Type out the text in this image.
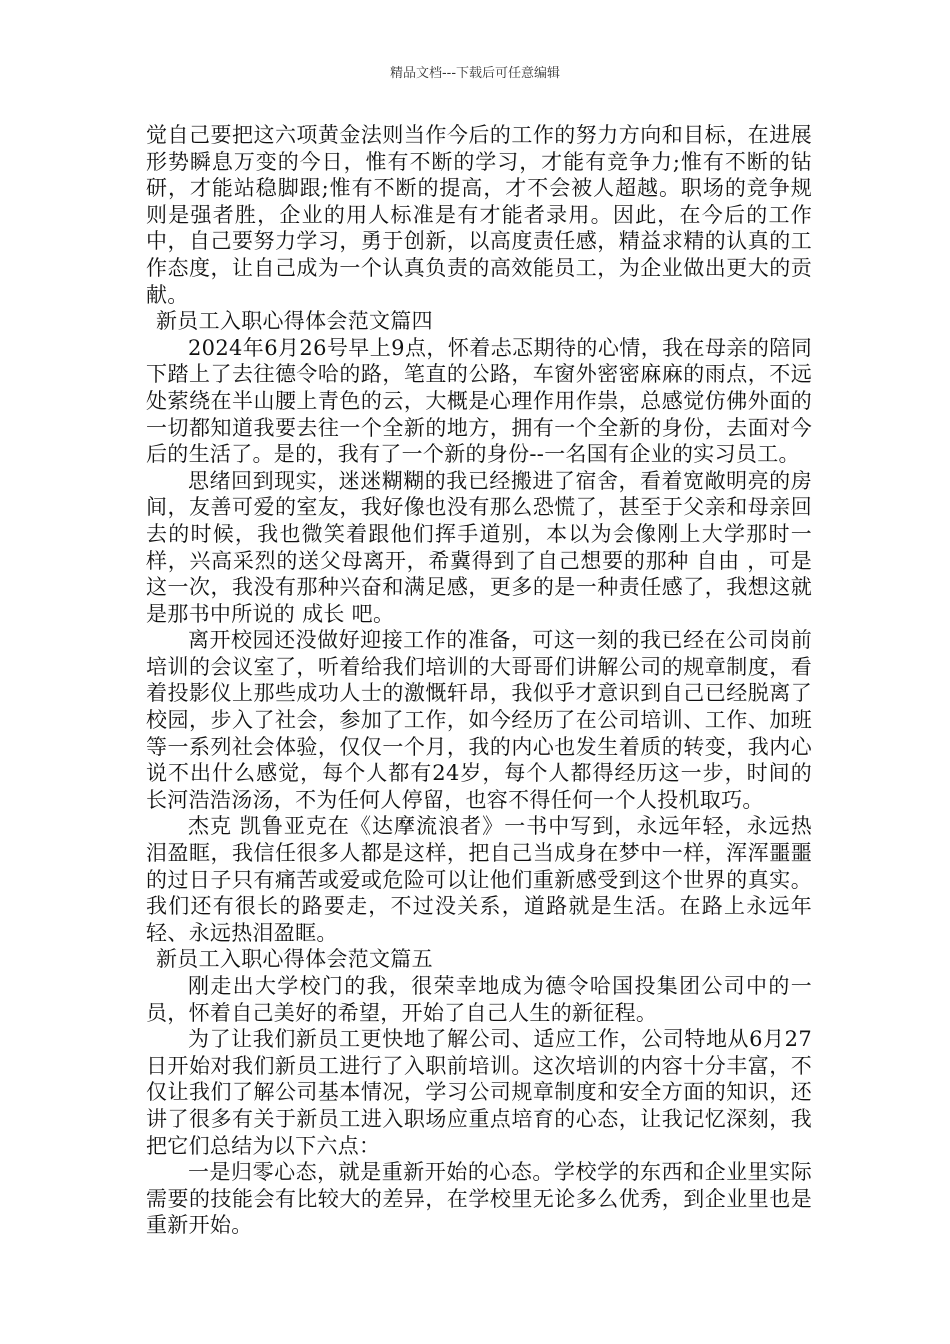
精品文档---下载后可任意编辑

觉自己要把这六项黄金法则当作今后的工作的努力方向和目标，在进展形势瞬息万变的今日，惟有不断的学习，才能有竞争力;惟有不断的钻研，才能站稳脚跟;惟有不断的提高，才不会被人超越。职场的竞争规则是强者胜，企业的用人标准是有才能者录用。因此，在今后的工作中，自己要努力学习，勇于创新，以高度责任感，精益求精的认真的工作态度，让自己成为一个认真负责的高效能员工，为企业做出更大的贡献。

新员工入职心得体会范文篇四

2024年6月26号早上9点，怀着忐忑期待的心情，我在母亲的陪同下踏上了去往德令哈的路，笔直的公路，车窗外密密麻麻的雨点，不远处萦绕在半山腰上青色的云，大概是心理作用作祟，总感觉仿佛外面的一切都知道我要去往一个全新的地方，拥有一个全新的身份，去面对今后的生活了。是的，我有了一个新的身份--一名国有企业的实习员工。

思绪回到现实，迷迷糊糊的我已经搬进了宿舍，看着宽敞明亮的房间，友善可爱的室友，我好像也没有那么恐慌了，甚至于父亲和母亲回去的时候，我也微笑着跟他们挥手道别，本以为会像刚上大学那时一样，兴高采烈的送父母离开，希冀得到了自己想要的那种 自由 ，可是这一次，我没有那种兴奋和满足感，更多的是一种责任感了，我想这就是那书中所说的 成长 吧。

离开校园还没做好迎接工作的准备，可这一刻的我已经在公司岗前培训的会议室了，听着给我们培训的大哥哥们讲解公司的规章制度，看着投影仪上那些成功人士的激慨轩昂，我似乎才意识到自己已经脱离了校园，步入了社会，参加了工作，如今经历了在公司培训、工作、加班等一系列社会体验，仅仅一个月，我的内心也发生着质的转变，我内心说不出什么感觉，每个人都有24岁，每个人都得经历这一步，时间的长河浩浩汤汤，不为任何人停留，也容不得任何一个人投机取巧。

杰克 凯鲁亚克在《达摩流浪者》一书中写到，永远年轻，永远热泪盈眶，我信任很多人都是这样，把自己当成身在梦中一样，浑浑噩噩的过日子只有痛苦或爱或危险可以让他们重新感受到这个世界的真实。我们还有很长的路要走，不过没关系，道路就是生活。在路上永远年轻、永远热泪盈眶。

新员工入职心得体会范文篇五

刚走出大学校门的我，很荣幸地成为德令哈国投集团公司中的一员，怀着自己美好的希望，开始了自己人生的新征程。

为了让我们新员工更快地了解公司、适应工作，公司特地从6月27日开始对我们新员工进行了入职前培训。这次培训的内容十分丰富，不仅让我们了解公司基本情况，学习公司规章制度和安全方面的知识，还讲了很多有关于新员工进入职场应重点培育的心态，让我记忆深刻，我把它们总结为以下六点：

一是归零心态，就是重新开始的心态。学校学的东西和企业里实际需要的技能会有比较大的差异，在学校里无论多么优秀，到企业里也是重新开始。
